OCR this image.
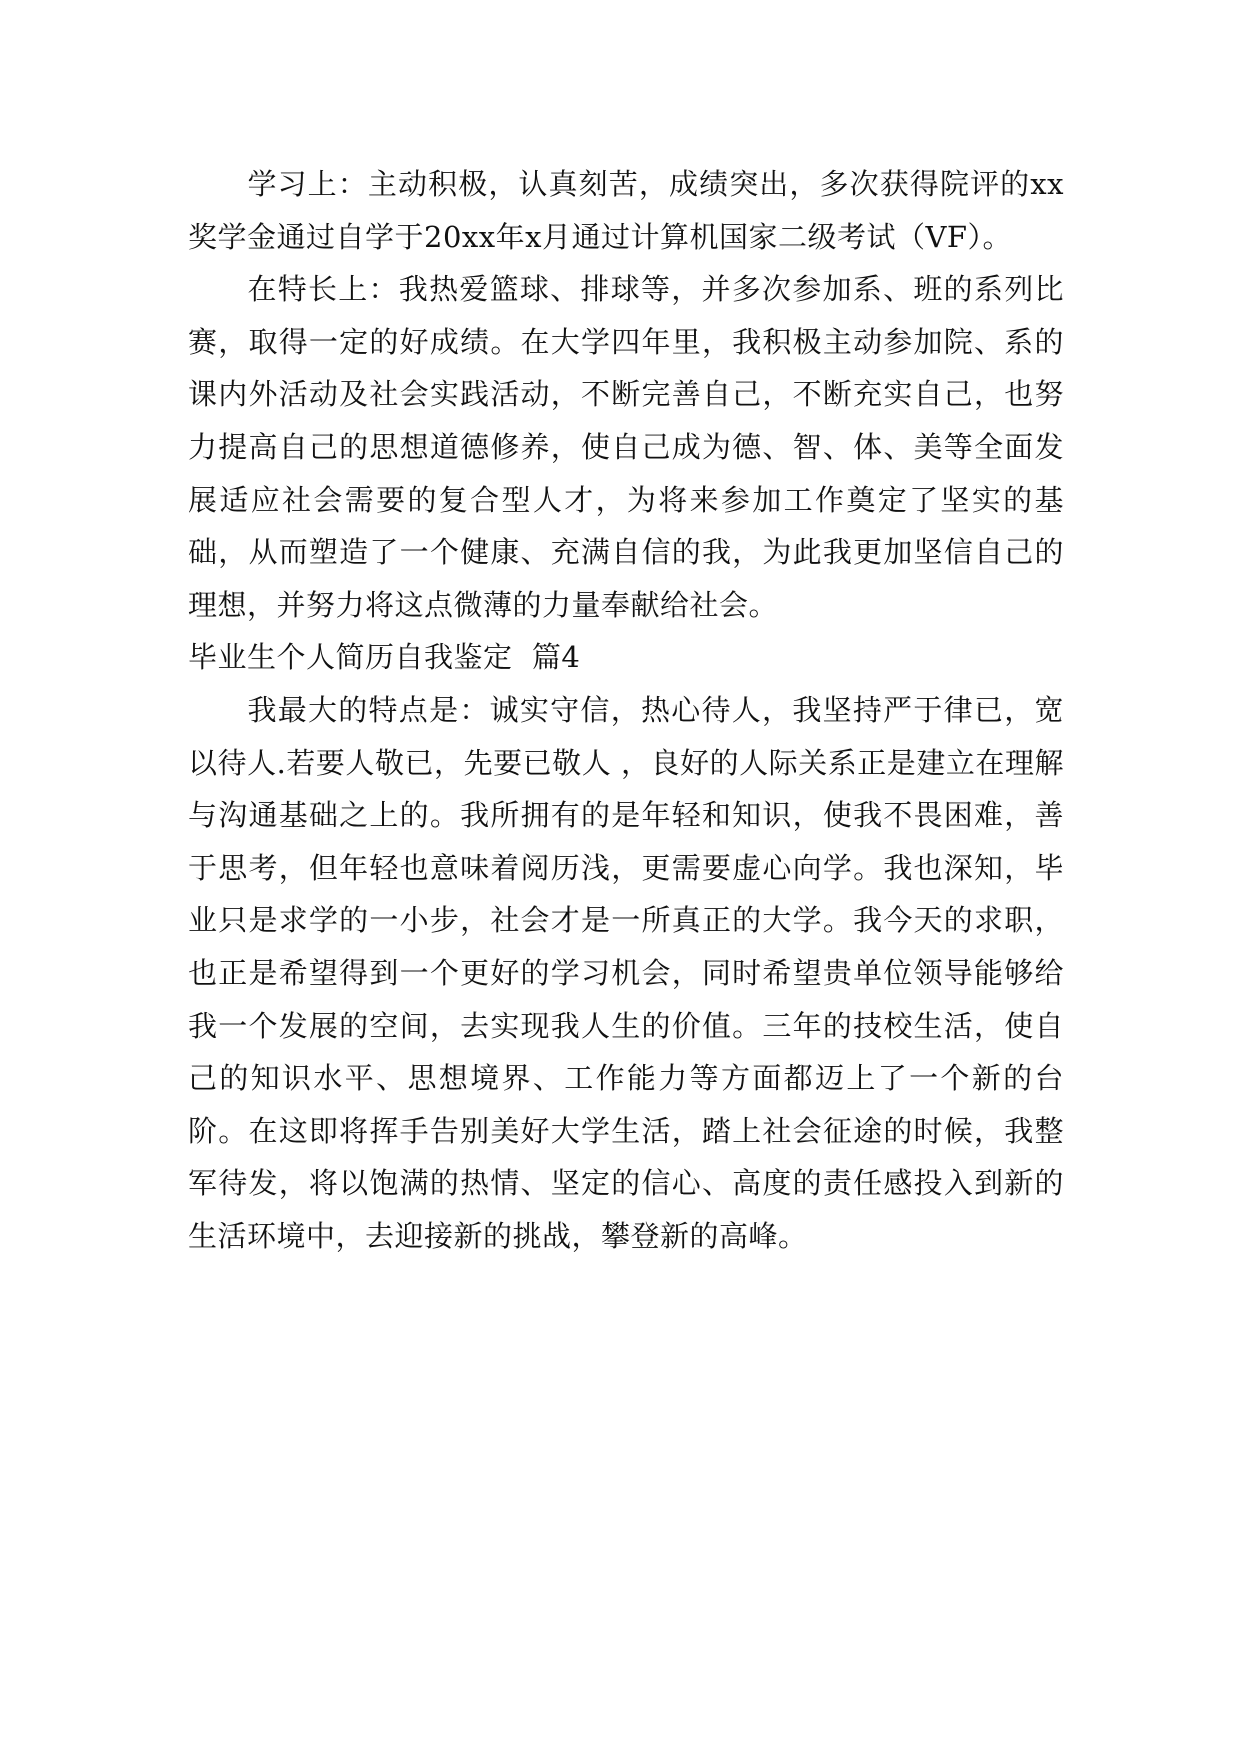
学习上：主动积极，认真刻苦，成绩突出，多次获得院评的xx奖学金通过自学于20xx年x月通过计算机国家二级考试（VF）。

在特长上：我热爱篮球、排球等，并多次参加系、班的系列比赛，取得一定的好成绩。在大学四年里，我积极主动参加院、系的课内外活动及社会实践活动，不断完善自己，不断充实自己，也努力提高自己的思想道德修养，使自己成为德、智、体、美等全面发展适应社会需要的复合型人才，为将来参加工作奠定了坚实的基础，从而塑造了一个健康、充满自信的我，为此我更加坚信自己的理想，并努力将这点微薄的力量奉献给社会。

毕业生个人简历自我鉴定  篇4

我最大的特点是：诚实守信，热心待人，我坚持严于律已，宽以待人.若要人敬已，先要已敬人 ，良好的人际关系正是建立在理解与沟通基础之上的。我所拥有的是年轻和知识，使我不畏困难，善于思考，但年轻也意味着阅历浅，更需要虚心向学。我也深知，毕业只是求学的一小步，社会才是一所真正的大学。我今天的求职，也正是希望得到一个更好的学习机会，同时希望贵单位领导能够给我一个发展的空间，去实现我人生的价值。三年的技校生活，使自己的知识水平、思想境界、工作能力等方面都迈上了一个新的台阶。在这即将挥手告别美好大学生活，踏上社会征途的时候，我整军待发，将以饱满的热情、坚定的信心、高度的责任感投入到新的生活环境中，去迎接新的挑战，攀登新的高峰。
